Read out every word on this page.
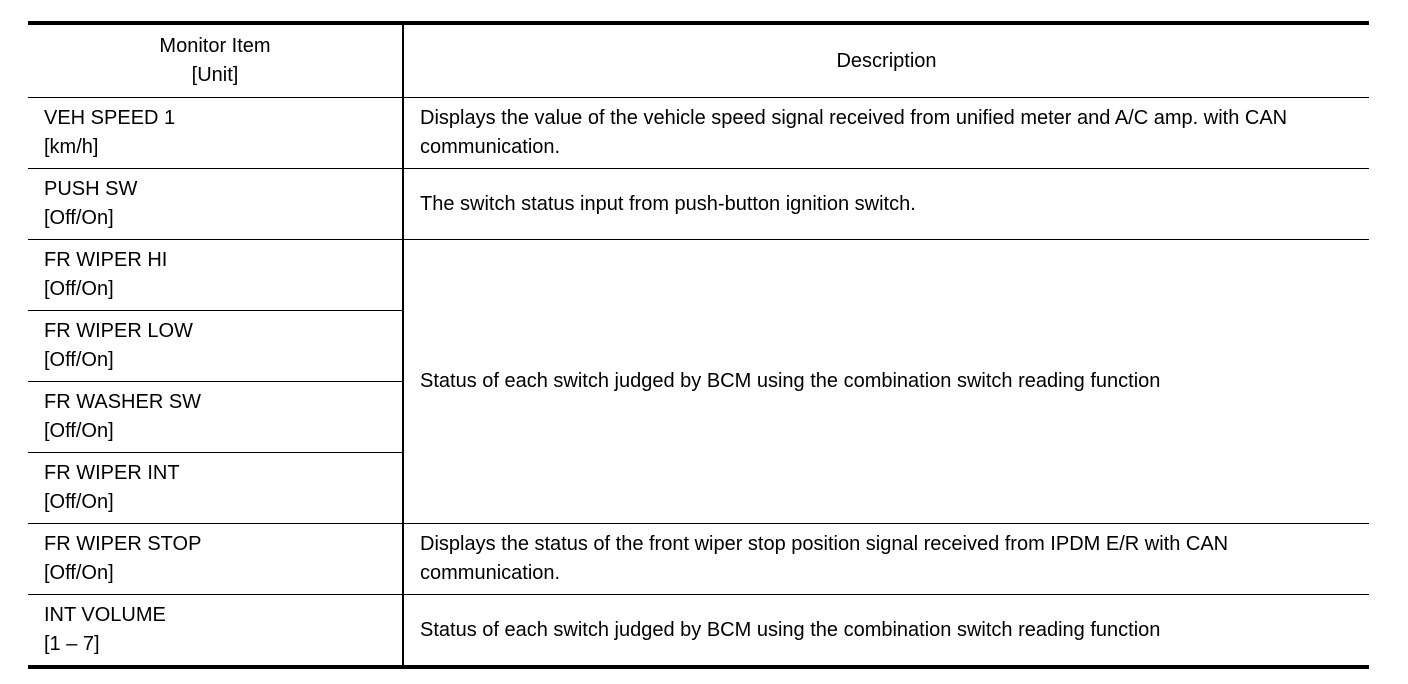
Monitor Item
[Unit]	Description

VEH SPEED 1
[km/h]	Displays the value of the vehicle speed signal received from unified meter and A/C amp. with CAN communication.

PUSH SW
[Off/On]	The switch status input from push-button ignition switch.

FR WIPER HI
[Off/On]	Status of each switch judged by BCM using the combination switch reading function

FR WIPER LOW
[Off/On]	

FR WASHER SW
[Off/On]	

FR WIPER INT
[Off/On]	

FR WIPER STOP
[Off/On]	Displays the status of the front wiper stop position signal received from IPDM E/R with CAN communication.

INT VOLUME
[1 – 7]	Status of each switch judged by BCM using the combination switch reading function
